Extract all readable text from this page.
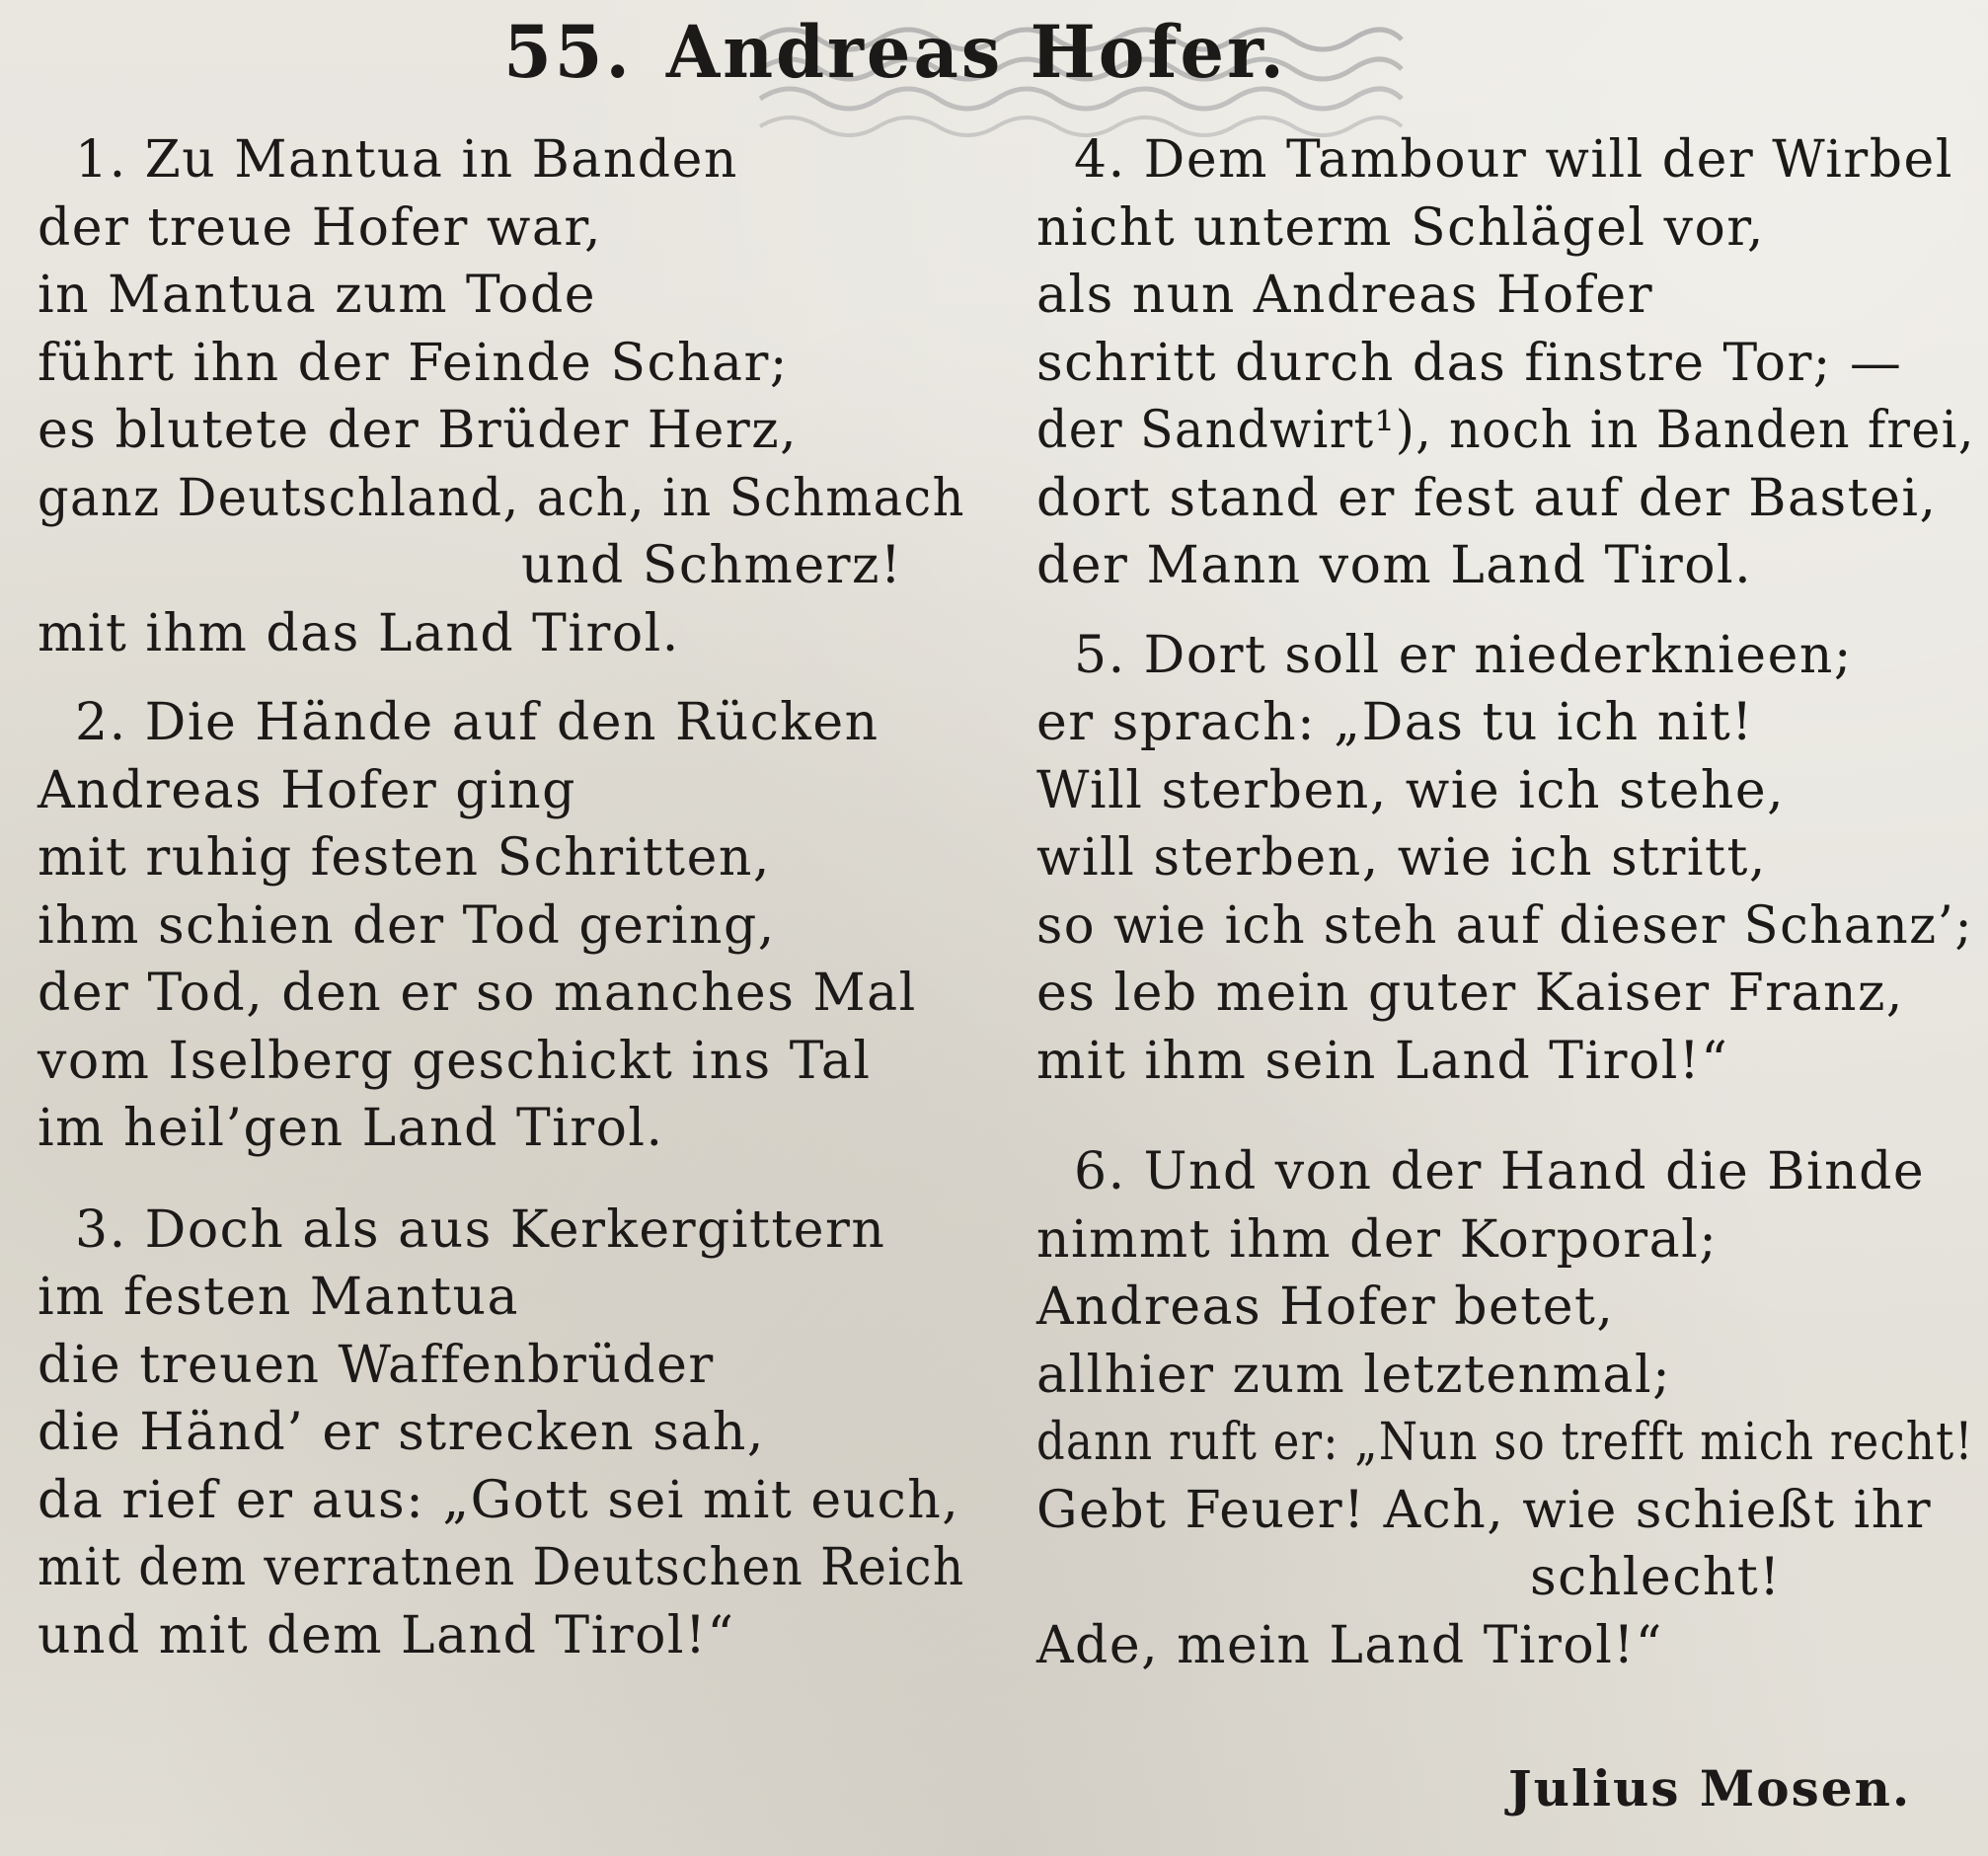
55. Andreas Hofer.
1. Zu Mantua in Banden
der treue Hofer war,
in Mantua zum Tode
führt ihn der Feinde Schar;
es blutete der Brüder Herz,
ganz Deutschland, ach, in Schmach
und Schmerz!
mit ihm das Land Tirol.
2. Die Hände auf den Rücken
Andreas Hofer ging
mit ruhig festen Schritten,
ihm schien der Tod gering,
der Tod, den er so manches Mal
vom Iselberg geschickt ins Tal
im heil’gen Land Tirol.
3. Doch als aus Kerkergittern
im festen Mantua
die treuen Waffenbrüder
die Händ’ er strecken sah,
da rief er aus: „Gott sei mit euch,
mit dem verratnen Deutschen Reich
und mit dem Land Tirol!“
4. Dem Tambour will der Wirbel
nicht unterm Schlägel vor,
als nun Andreas Hofer
schritt durch das finstre Tor; —
der Sandwirt¹), noch in Banden frei,
dort stand er fest auf der Bastei,
der Mann vom Land Tirol.
5. Dort soll er niederknieen;
er sprach: „Das tu ich nit!
Will sterben, wie ich stehe,
will sterben, wie ich stritt,
so wie ich steh auf dieser Schanz’;
es leb mein guter Kaiser Franz,
mit ihm sein Land Tirol!“
6. Und von der Hand die Binde
nimmt ihm der Korporal;
Andreas Hofer betet,
allhier zum letztenmal;
dann ruft er: „Nun so trefft mich recht!
Gebt Feuer! Ach, wie schießt ihr
schlecht!
Ade, mein Land Tirol!“
Julius Mosen.
